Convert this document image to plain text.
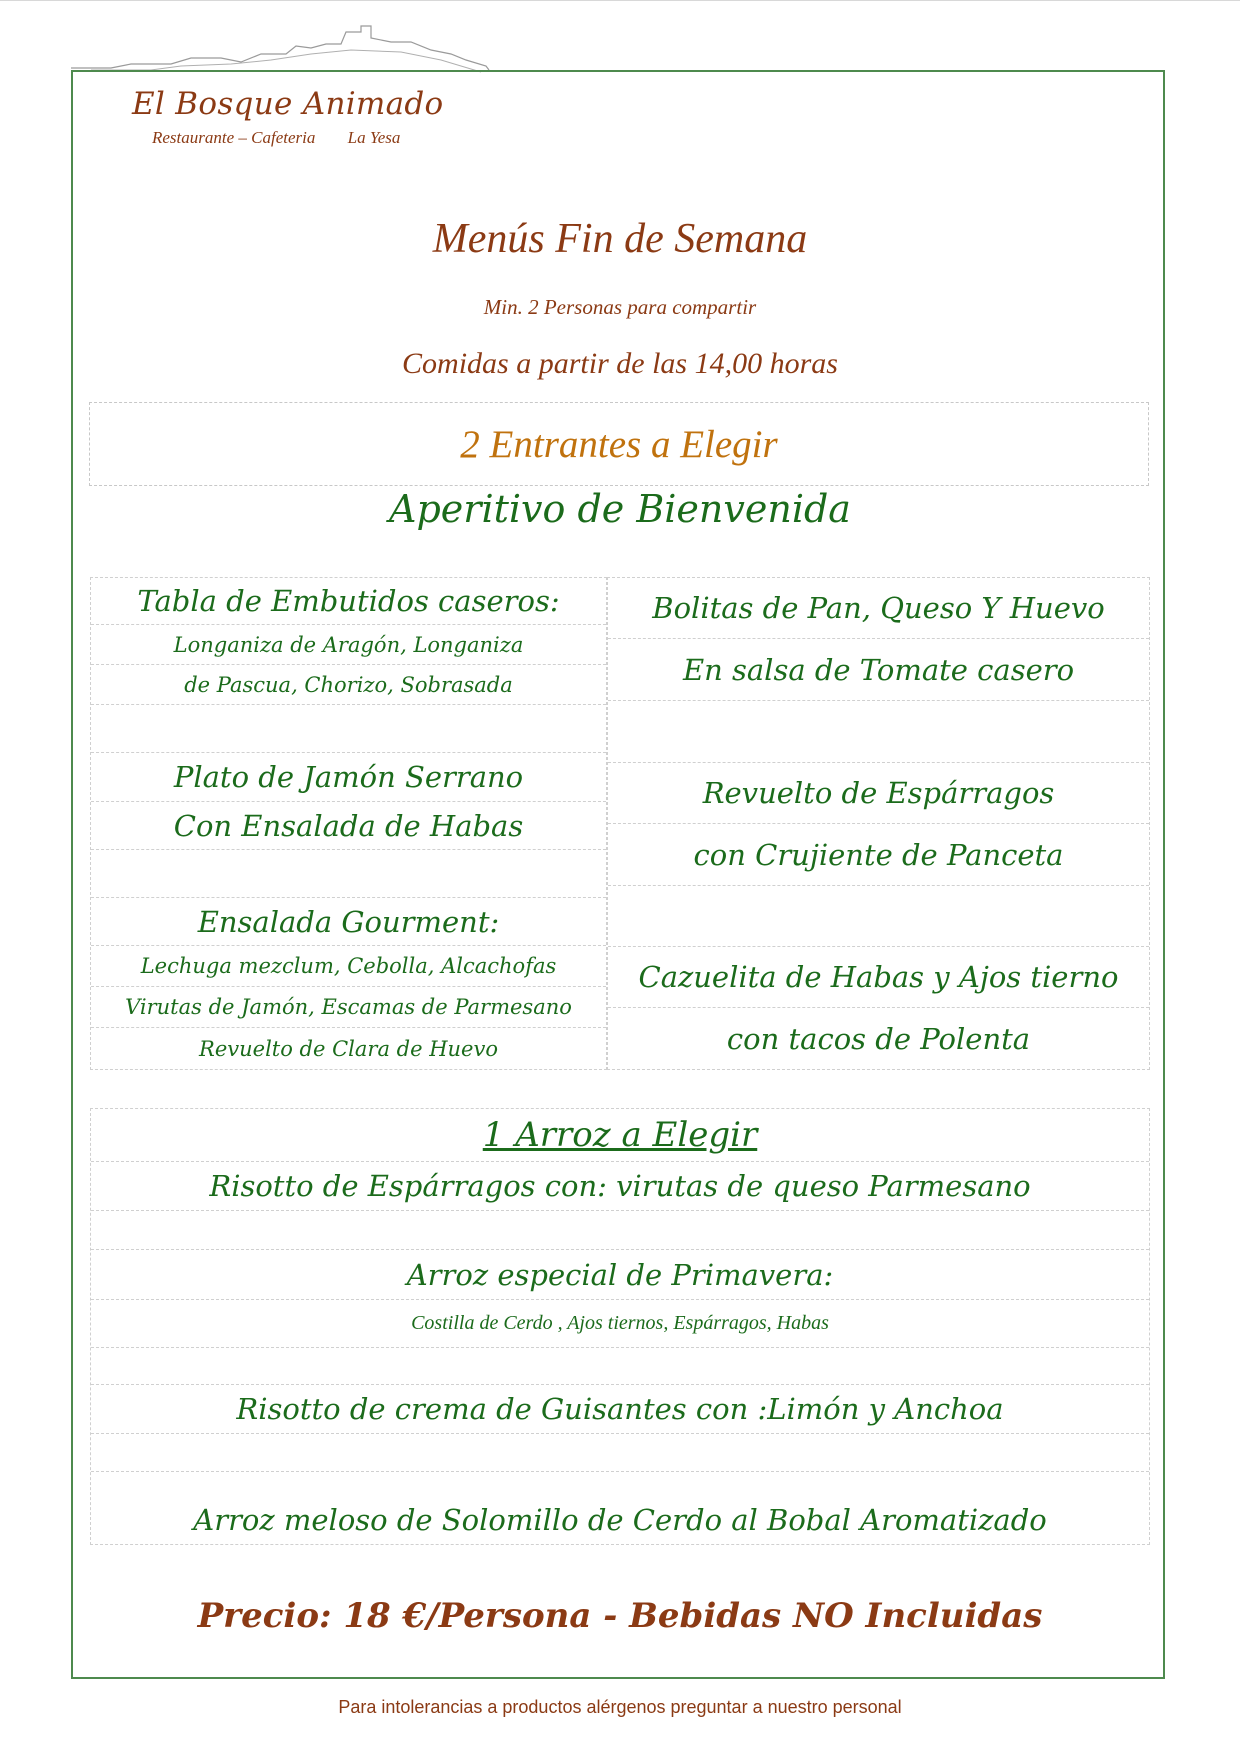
El Bosque Animado
Restaurante – Cafeteria La Yesa
Menús Fin de Semana
Min. 2 Personas para compartir
Comidas a partir de las 14,00 horas
2 Entrantes a Elegir
Aperitivo de Bienvenida
Tabla de Embutidos caseros:
Longaniza de Aragón, Longaniza
de Pascua, Chorizo, Sobrasada
Plato de Jamón Serrano
Con Ensalada de Habas
Ensalada Gourment:
Lechuga mezclum, Cebolla, Alcachofas
Virutas de Jamón, Escamas de Parmesano
Revuelto de Clara de Huevo
Bolitas de Pan, Queso Y Huevo
En salsa de Tomate casero
Revuelto de Espárragos
con Crujiente de Panceta
Cazuelita de Habas y Ajos tierno
con tacos de Polenta
1 Arroz a Elegir
Risotto de Espárragos con: virutas de queso Parmesano
Arroz especial de Primavera:
Costilla de Cerdo , Ajos tiernos, Espárragos, Habas
Risotto de crema de Guisantes con :Limón y Anchoa
Arroz meloso de Solomillo de Cerdo al Bobal Aromatizado
Precio: 18 €/Persona - Bebidas NO Incluidas
Para intolerancias a productos alérgenos preguntar a nuestro personal
